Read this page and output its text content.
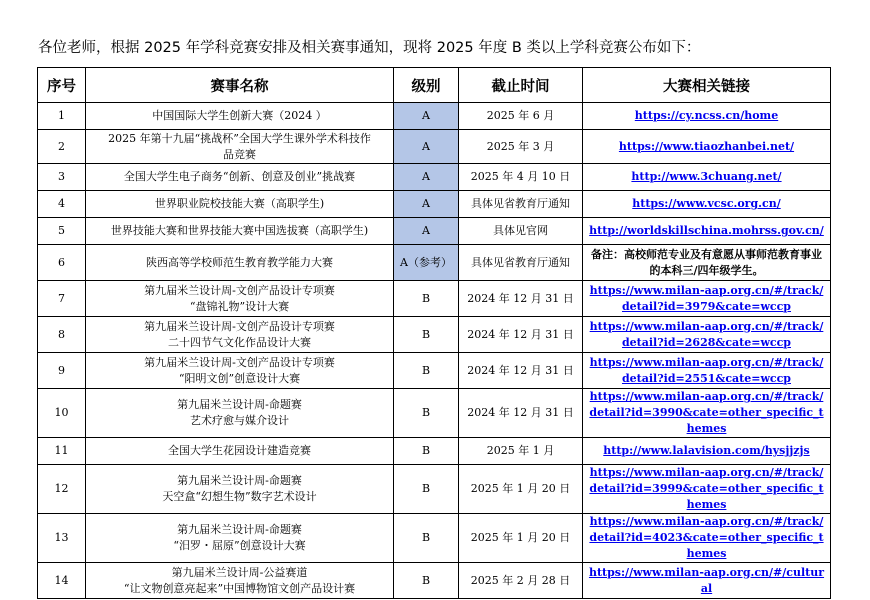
各位老师，根据 2025 年学科竞赛安排及相关赛事通知，现将 2025 年度 B 类以上学科竞赛公布如下：
序号	赛事名称	级别	截止时间	大赛相关链接
1	中国国际大学生创新大赛（2024 ）	A	2025 年 6 月	https://cy.ncss.cn/home
2	2025 年第十九届“挑战杯”全国大学生课外学术科技作
品竞赛	A	2025 年 3 月	https://www.tiaozhanbei.net/
3	全国大学生电子商务“创新、创意及创业”挑战赛	A	2025 年 4 月 10 日	http://www.3chuang.net/
4	世界职业院校技能大赛（高职学生)	A	具体见省教育厅通知	https://www.vcsc.org.cn/
5	世界技能大赛和世界技能大赛中国选拔赛（高职学生)	A	具体见官网	http://worldskillschina.mohrss.gov.cn/
6	陕西高等学校师范生教育教学能力大赛	A（参考）	具体见省教育厅通知	备注：高校师范专业及有意愿从事师范教育事业的本科三/四年级学生。
7	第九届米兰设计周-文创产品设计专项赛
“盘锦礼物”设计大赛	B	2024 年 12 月 31 日	https://www.milan-aap.org.cn/#/track/detail?id=3979&cate=wccp
8	第九届米兰设计周-文创产品设计专项赛
二十四节气文化作品设计大赛	B	2024 年 12 月 31 日	https://www.milan-aap.org.cn/#/track/detail?id=2628&cate=wccp
9	第九届米兰设计周-文创产品设计专项赛
“阳明文创”创意设计大赛	B	2024 年 12 月 31 日	https://www.milan-aap.org.cn/#/track/detail?id=2551&cate=wccp
10	第九届米兰设计周-命题赛
艺术疗愈与媒介设计	B	2024 年 12 月 31 日	https://www.milan-aap.org.cn/#/track/detail?id=3990&cate=other_specific_themes
11	全国大学生花园设计建造竞赛	B	2025 年 1 月	http://www.lalavision.com/hysjjzjs
12	第九届米兰设计周-命题赛
天空盒“幻想生物”数字艺术设计	B	2025 年 1 月 20 日	https://www.milan-aap.org.cn/#/track/detail?id=3999&cate=other_specific_themes
13	第九届米兰设计周-命题赛
“汨罗・屈原”创意设计大赛	B	2025 年 1 月 20 日	https://www.milan-aap.org.cn/#/track/detail?id=4023&cate=other_specific_themes
14	第九届米兰设计周-公益赛道
“让文物创意亮起来”中国博物馆文创产品设计赛	B	2025 年 2 月 28 日	https://www.milan-aap.org.cn/#/cultural
